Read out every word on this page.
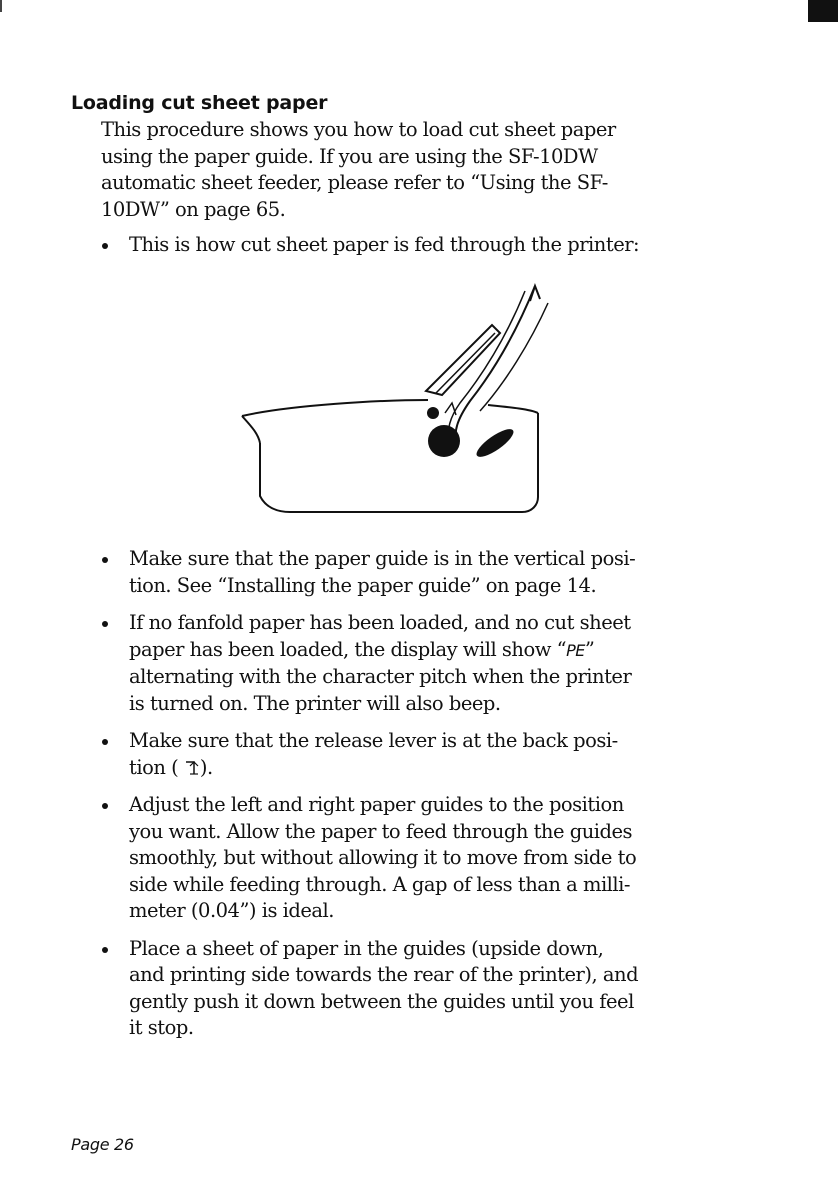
Loading cut sheet paper
This procedure shows you how to load cut sheet paper
using the paper guide. If you are using the SF-10DW
automatic sheet feeder, please refer to “Using the SF-
10DW” on page 65.
This is how cut sheet paper is fed through the printer:
Make sure that the paper guide is in the vertical posi-
tion. See “Installing the paper guide” on page 14.
If no fanfold paper has been loaded, and no cut sheet
paper has been loaded, the display will show “PE”
alternating with the character pitch when the printer
is turned on. The printer will also beep.
Make sure that the release lever is at the back posi-
tion ( ).
Adjust the left and right paper guides to the position
you want. Allow the paper to feed through the guides
smoothly, but without allowing it to move from side to
side while feeding through. A gap of less than a milli-
meter (0.04”) is ideal.
Place a sheet of paper in the guides (upside down,
and printing side towards the rear of the printer), and
gently push it down between the guides until you feel
it stop.
Page 26
